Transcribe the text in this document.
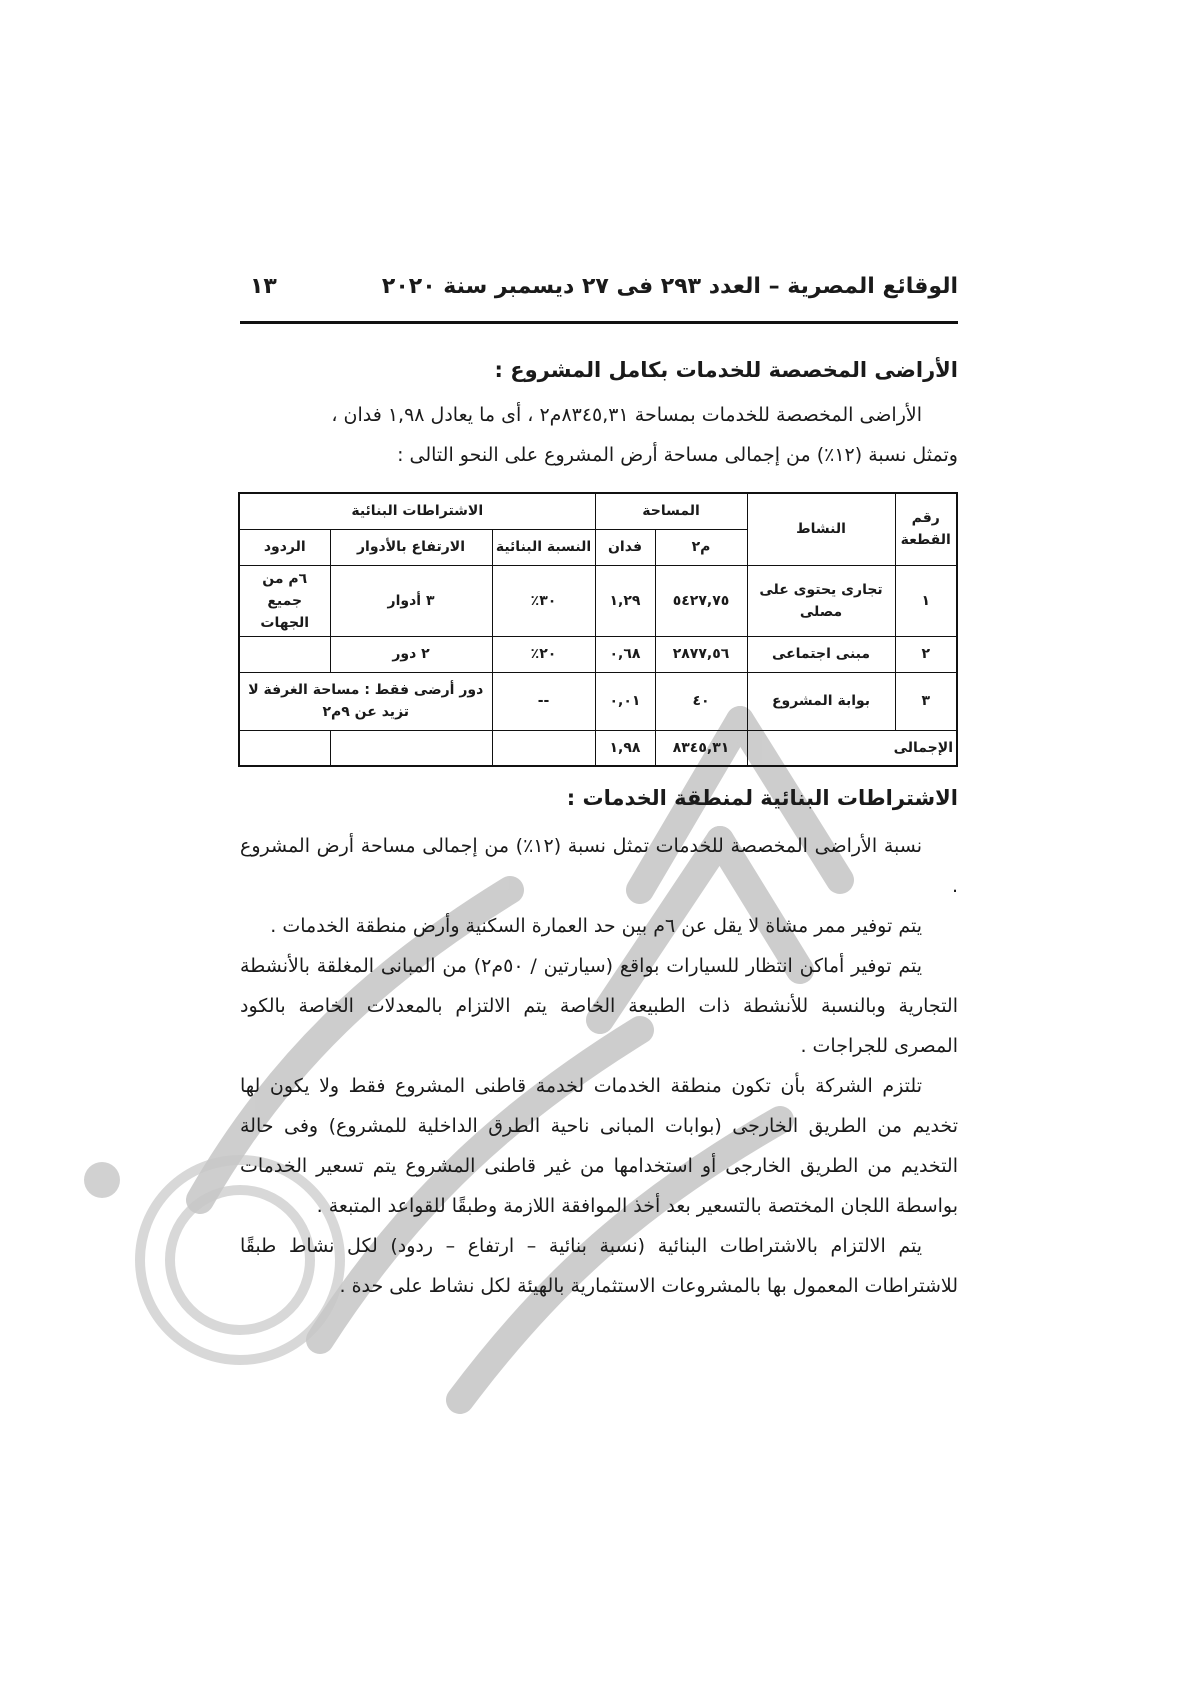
الوقائع المصرية – العدد ٢٩٣ فى ٢٧ ديسمبر سنة ٢٠٢٠
١٣
الأراضى المخصصة للخدمات بكامل المشروع :

الأراضى المخصصة للخدمات بمساحة ٨٣٤٥,٣١م٢ ، أى ما يعادل ١,٩٨ فدان ،

وتمثل نسبة (١٢٪) من إجمالى مساحة أرض المشروع على النحو التالى :

رقم القطعة	النشاط	المساحة		الاشتراطات البنائية		
		م٢	فدان	النسبة البنائية	الارتفاع بالأدوار	الردود
١	تجارى يحتوى على مصلى	٥٤٢٧,٧٥	١,٢٩	٣٠٪	٣ أدوار	٦م من جميع الجهات
٢	مبنى اجتماعى	٢٨٧٧,٥٦	٠,٦٨	٢٠٪	٢ دور	
٣	بوابة المشروع	٤٠	٠,٠١	--	دور أرضى فقط : مساحة الغرفة لا تزيد عن ٩م٢	
الإجمالى		٨٣٤٥,٣١	١,٩٨			
الاشتراطات البنائية لمنطقة الخدمات :

نسبة الأراضى المخصصة للخدمات تمثل نسبة (١٢٪) من إجمالى مساحة أرض المشروع .

يتم توفير ممر مشاة لا يقل عن ٦م بين حد العمارة السكنية وأرض منطقة الخدمات .

يتم توفير أماكن انتظار للسيارات بواقع (سيارتين / ٥٠م٢) من المبانى المغلقة بالأنشطة التجارية وبالنسبة للأنشطة ذات الطبيعة الخاصة يتم الالتزام بالمعدلات الخاصة بالكود المصرى للجراجات .

تلتزم الشركة بأن تكون منطقة الخدمات لخدمة قاطنى المشروع فقط ولا يكون لها تخديم من الطريق الخارجى (بوابات المبانى ناحية الطرق الداخلية للمشروع) وفى حالة التخديم من الطريق الخارجى أو استخدامها من غير قاطنى المشروع يتم تسعير الخدمات بواسطة اللجان المختصة بالتسعير بعد أخذ الموافقة اللازمة وطبقًا للقواعد المتبعة .

يتم الالتزام بالاشتراطات البنائية (نسبة بنائية – ارتفاع – ردود) لكل نشاط طبقًا للاشتراطات المعمول بها بالمشروعات الاستثمارية بالهيئة لكل نشاط على حدة .
